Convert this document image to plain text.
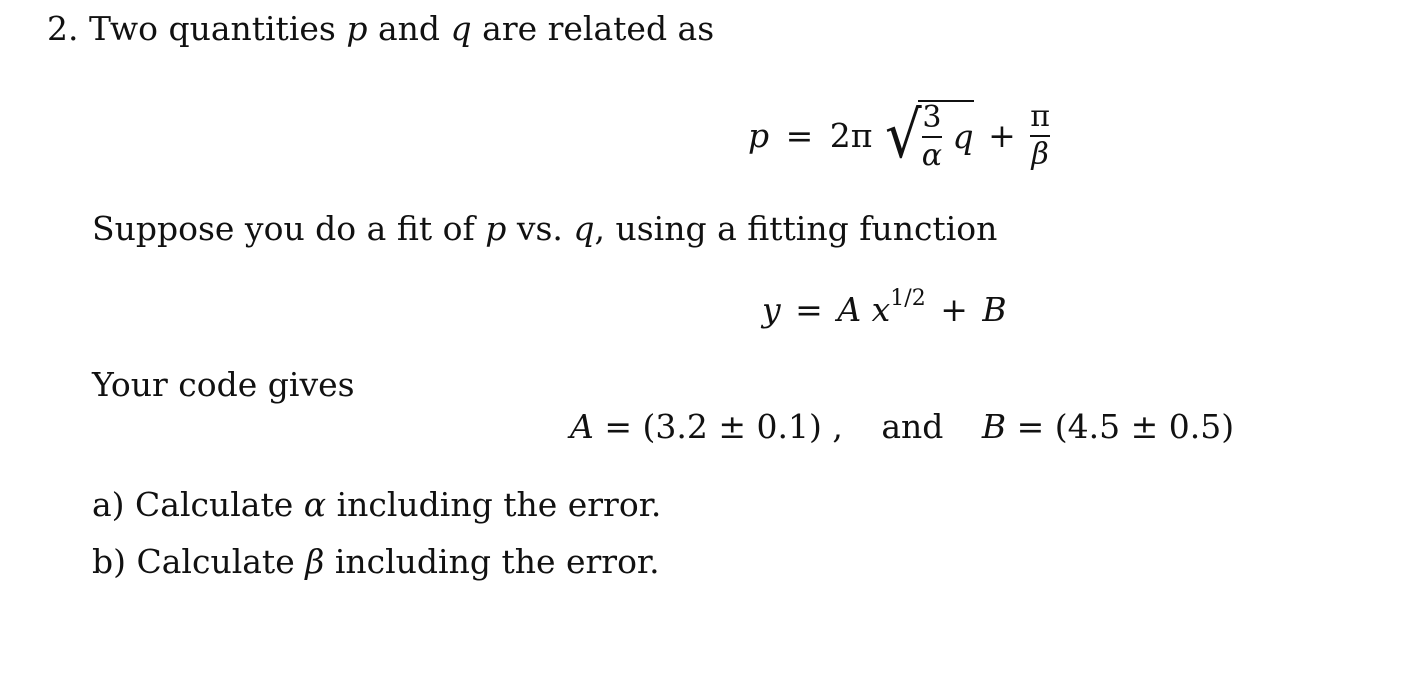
2. Two quantities p and q are related as
p = 2π √ $\frac{3}{\alpha}$ $q + \frac{\pi}{\beta}$
Suppose you do a fit of p vs. q, using a fitting function
y = A $x^{1/2} + B$
Your code gives
A = (3.2 ± 0.1) , and B = (4.5 ± 0.5)
a) Calculate α including the error.
b) Calculate β including the error.
